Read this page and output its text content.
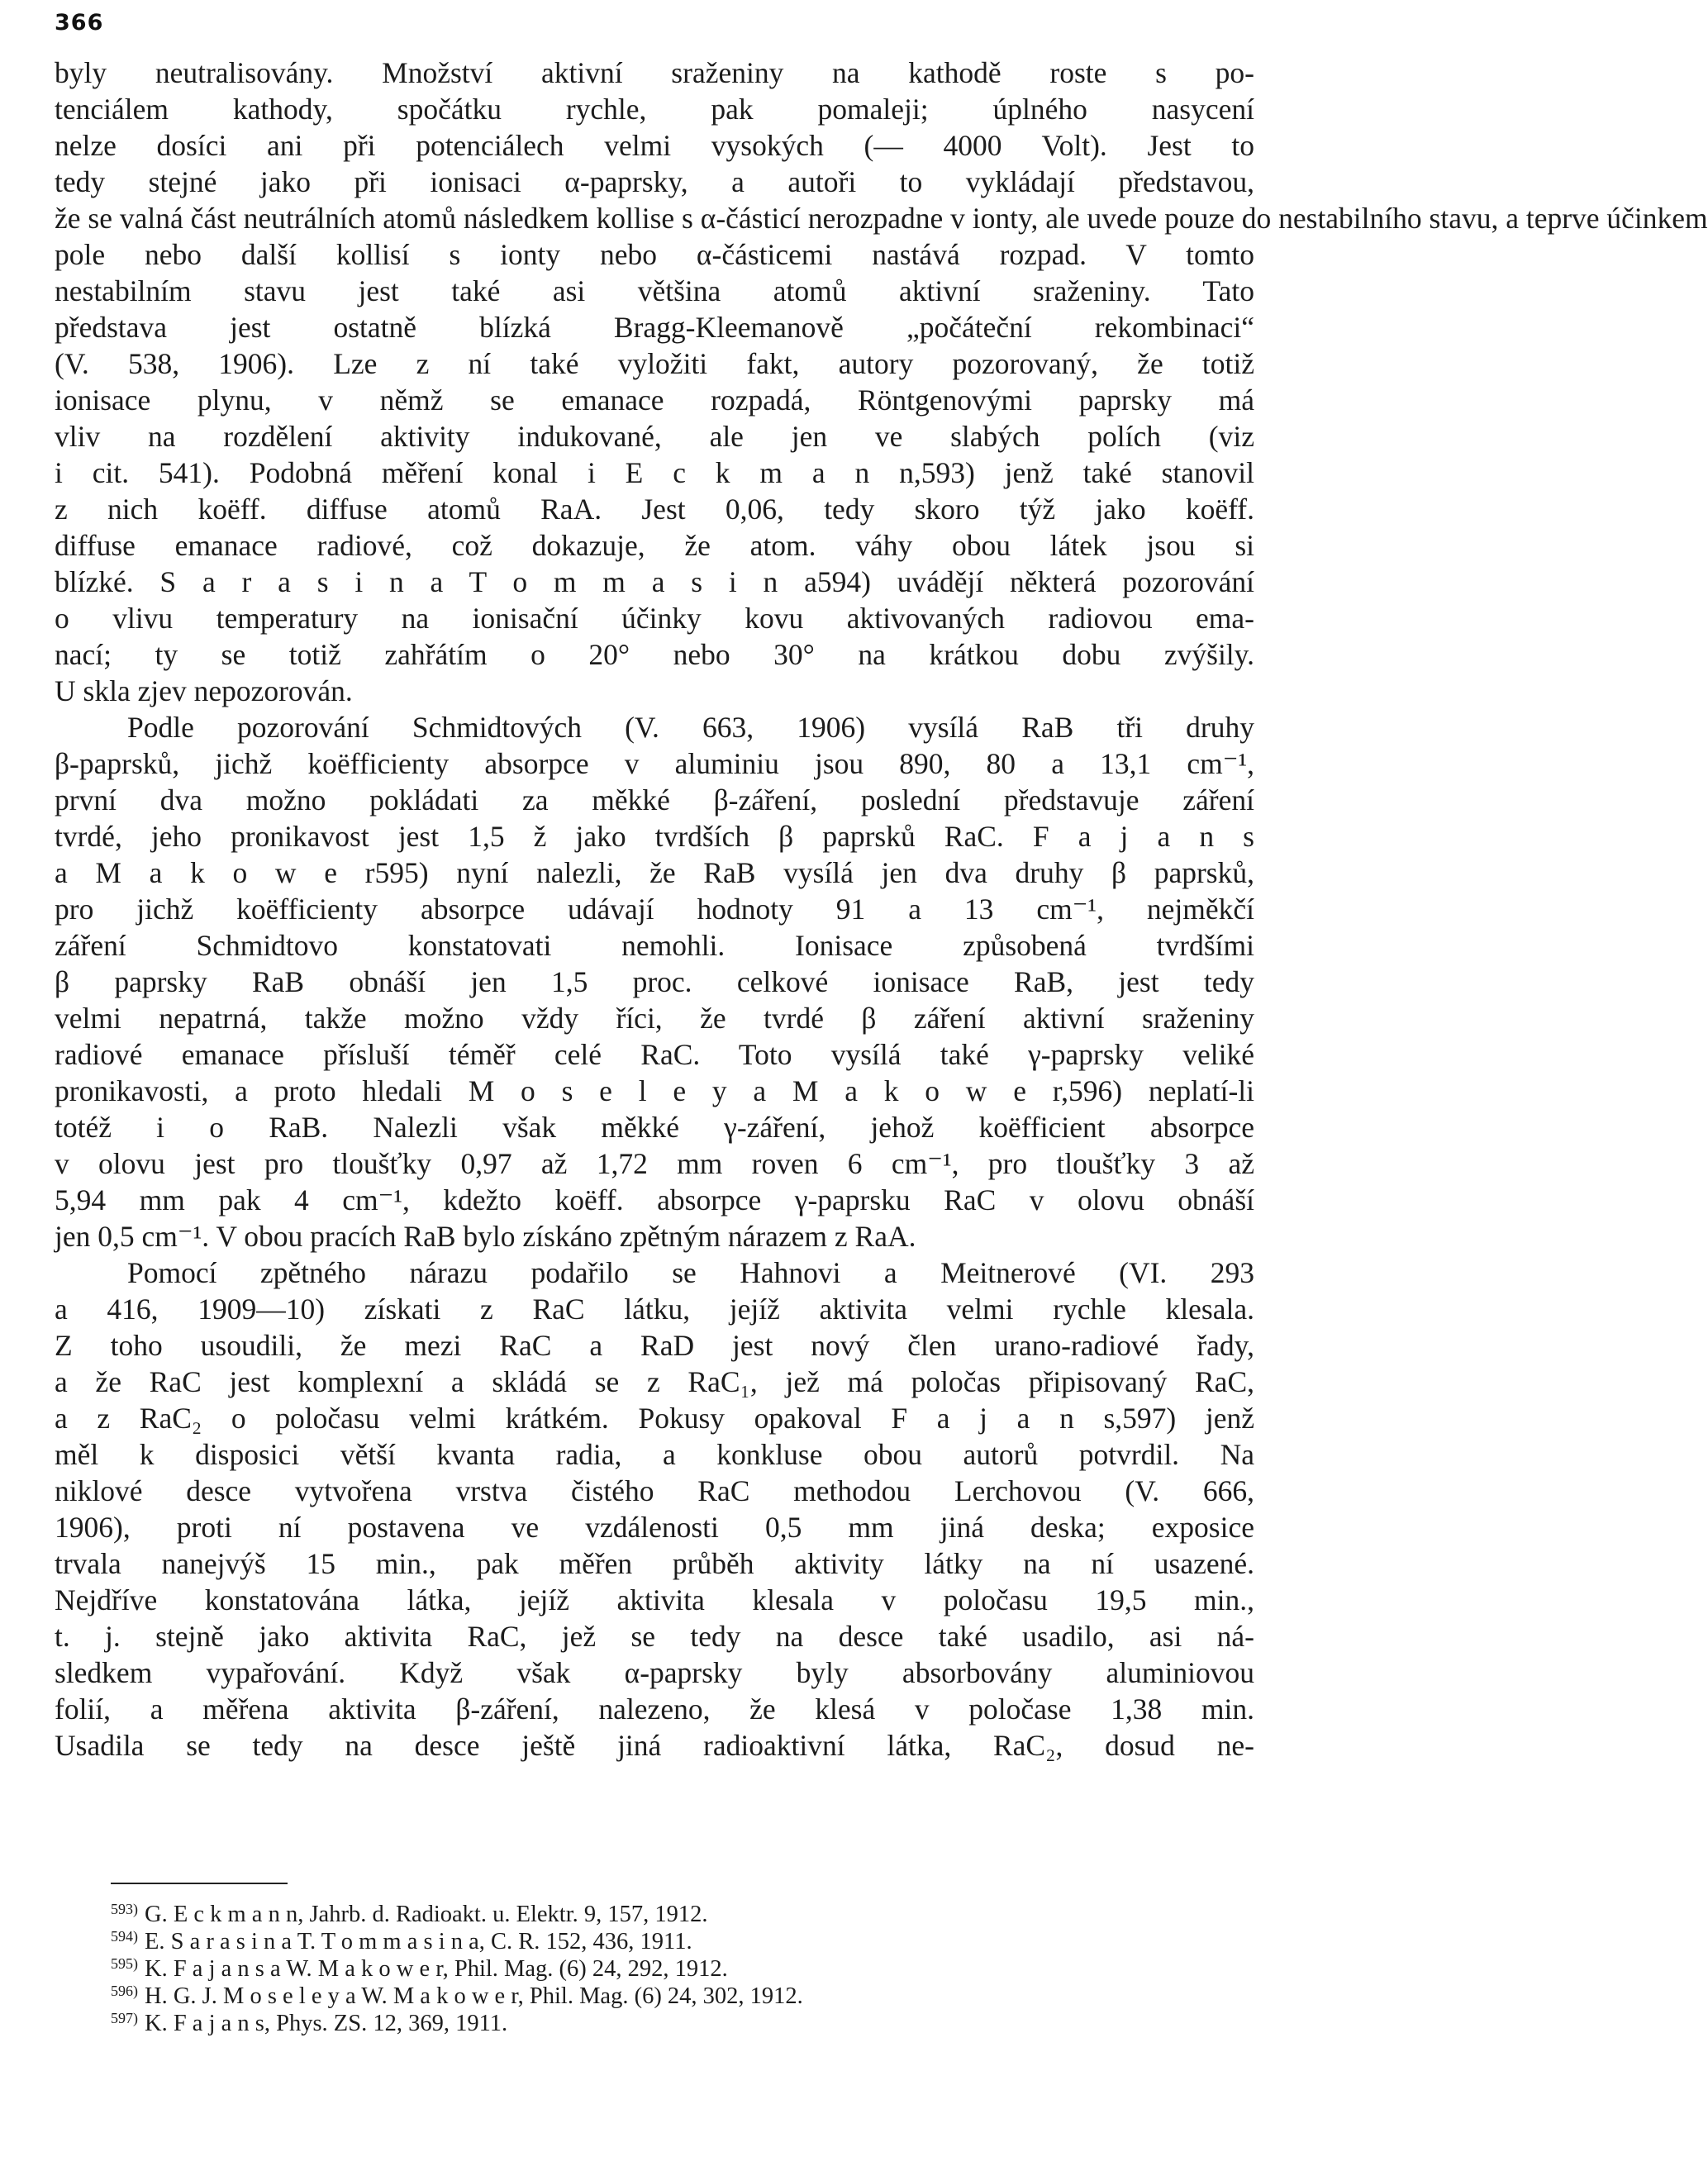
366
byly neutralisovány. Množství aktivní sraženiny na kathodě roste s po-
tenciálem kathody, spočátku rychle, pak pomaleji; úplného nasycení
nelze dosíci ani při potenciálech velmi vysokých (— 4000 Volt). Jest to
tedy stejné jako při ionisaci α-paprsky, a autoři to vykládají představou,
že se valná část neutrálních atomů následkem kollise s α-částicí nerozpadne v ionty, ale uvede pouze do nestabilního stavu, a teprve účinkem
pole nebo další kollisí s ionty nebo α-částicemi nastává rozpad. V tomto
nestabilním stavu jest také asi většina atomů aktivní sraženiny. Tato
představa jest ostatně blízká Bragg-Kleemanově „počáteční rekombinaci“
(V. 538, 1906). Lze z ní také vyložiti fakt, autory pozorovaný, že totiž
ionisace plynu, v němž se emanace rozpadá, Röntgenovými paprsky má
vliv na rozdělení aktivity indukované, ale jen ve slabých polích (viz
i cit. 541). Podobná měření konal i E c k m a n n,593) jenž také stanovil
z nich koëff. diffuse atomů RaA. Jest 0,06, tedy skoro týž jako koëff.
diffuse emanace radiové, což dokazuje, že atom. váhy obou látek jsou si
blízké. S a r a s i n a T o m m a s i n a594) uvádějí některá pozorování
o vlivu temperatury na ionisační účinky kovu aktivovaných radiovou ema-
nací; ty se totiž zahřátím o 20° nebo 30° na krátkou dobu zvýšily.
U skla zjev nepozorován.
Podle pozorování Schmidtových (V. 663, 1906) vysílá RaB tři druhy
β-paprsků, jichž koëfficienty absorpce v aluminiu jsou 890, 80 a 13,1 cm⁻¹,
první dva možno pokládati za měkké β-záření, poslední představuje záření
tvrdé, jeho pronikavost jest 1,5 ž jako tvrdších β paprsků RaC. F a j a n s
a M a k o w e r595) nyní nalezli, že RaB vysílá jen dva druhy β paprsků,
pro jichž koëfficienty absorpce udávají hodnoty 91 a 13 cm⁻¹, nejměkčí
záření Schmidtovo konstatovati nemohli. Ionisace způsobená tvrdšími
β paprsky RaB obnáší jen 1,5 proc. celkové ionisace RaB, jest tedy
velmi nepatrná, takže možno vždy říci, že tvrdé β záření aktivní sraženiny
radiové emanace přísluší téměř celé RaC. Toto vysílá také γ-paprsky veliké
pronikavosti, a proto hledali M o s e l e y a M a k o w e r,596) neplatí-li
totéž i o RaB. Nalezli však měkké γ-záření, jehož koëfficient absorpce
v olovu jest pro tloušťky 0,97 až 1,72 mm roven 6 cm⁻¹, pro tloušťky 3 až
5,94 mm pak 4 cm⁻¹, kdežto koëff. absorpce γ-paprsku RaC v olovu obnáší
jen 0,5 cm⁻¹. V obou pracích RaB bylo získáno zpětným nárazem z RaA.
Pomocí zpětného nárazu podařilo se Hahnovi a Meitnerové (VI. 293
a 416, 1909—10) získati z RaC látku, jejíž aktivita velmi rychle klesala.
Z toho usoudili, že mezi RaC a RaD jest nový člen urano-radiové řady,
a že RaC jest komplexní a skládá se z RaC₁, jež má poločas připisovaný RaC,
a z RaC₂ o poločasu velmi krátkém. Pokusy opakoval F a j a n s,597) jenž
měl k disposici větší kvanta radia, a konkluse obou autorů potvrdil. Na
niklové desce vytvořena vrstva čistého RaC methodou Lerchovou (V. 666,
1906), proti ní postavena ve vzdálenosti 0,5 mm jiná deska; exposice
trvala nanejvýš 15 min., pak měřen průběh aktivity látky na ní usazené.
Nejdříve konstatována látka, jejíž aktivita klesala v poločasu 19,5 min.,
t. j. stejně jako aktivita RaC, jež se tedy na desce také usadilo, asi ná-
sledkem vypařování. Když však α-paprsky byly absorbovány aluminiovou
folií, a měřena aktivita β-záření, nalezeno, že klesá v poločase 1,38 min.
Usadila se tedy na desce ještě jiná radioaktivní látka, RaC₂, dosud ne-
$^{593)}$ G. E c k m a n n, Jahrb. d. Radioakt. u. Elektr. 9, 157, 1912.
$^{594)}$ E. S a r a s i n a T. T o m m a s i n a, C. R. 152, 436, 1911.
$^{595)}$ K. F a j a n s a W. M a k o w e r, Phil. Mag. (6) 24, 292, 1912.
$^{596)}$ H. G. J. M o s e l e y a W. M a k o w e r, Phil. Mag. (6) 24, 302, 1912.
$^{597)}$ K. F a j a n s, Phys. ZS. 12, 369, 1911.
